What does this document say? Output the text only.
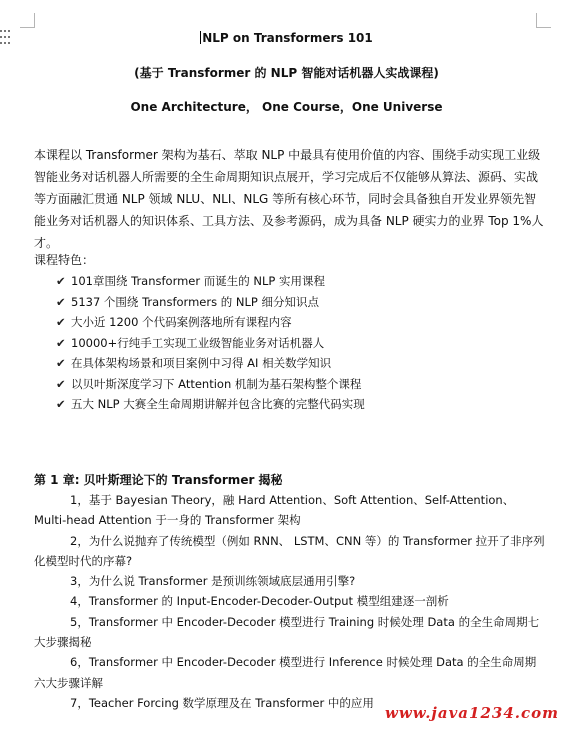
NLP on Transformers 101
(基于 Transformer 的 NLP 智能对话机器人实战课程)
One Architecture， One Course，One Universe
本课程以 Transformer 架构为基石、萃取 NLP 中最具有使用价值的内容、围绕手动实现工业级智能业务对话机器人所需要的全生命周期知识点展开，学习完成后不仅能够从算法、源码、实战等方面融汇贯通 NLP 领域 NLU、NLI、NLG 等所有核心环节，同时会具备独自开发业界领先智能业务对话机器人的知识体系、工具方法、及参考源码，成为具备 NLP 硬实力的业界 Top 1%人才。
课程特色：
✔ 101章围绕 Transformer 而诞生的 NLP 实用课程
✔ 5137 个围绕 Transformers 的 NLP 细分知识点
✔ 大小近 1200 个代码案例落地所有课程内容
✔ 10000+行纯手工实现工业级智能业务对话机器人
✔ 在具体架构场景和项目案例中习得 AI 相关数学知识
✔ 以贝叶斯深度学习下 Attention 机制为基石架构整个课程
✔ 五大 NLP 大赛全生命周期讲解并包含比赛的完整代码实现
第 1 章: 贝叶斯理论下的 Transformer 揭秘
1，基于 Bayesian Theory，融 Hard Attention、Soft Attention、Self-Attention、Multi-head Attention 于一身的 Transformer 架构
2，为什么说抛弃了传统模型（例如 RNN、 LSTM、CNN 等）的 Transformer 拉开了非序列化模型时代的序幕?
3，为什么说 Transformer 是预训练领域底层通用引擎?
4，Transformer 的 Input-Encoder-Decoder-Output 模型组建逐一剖析
5，Transformer 中 Encoder-Decoder 模型进行 Training 时候处理 Data 的全生命周期七大步骤揭秘
6，Transformer 中 Encoder-Decoder 模型进行 Inference 时候处理 Data 的全生命周期六大步骤详解
7，Teacher Forcing 数学原理及在 Transformer 中的应用
www.java1234.com
